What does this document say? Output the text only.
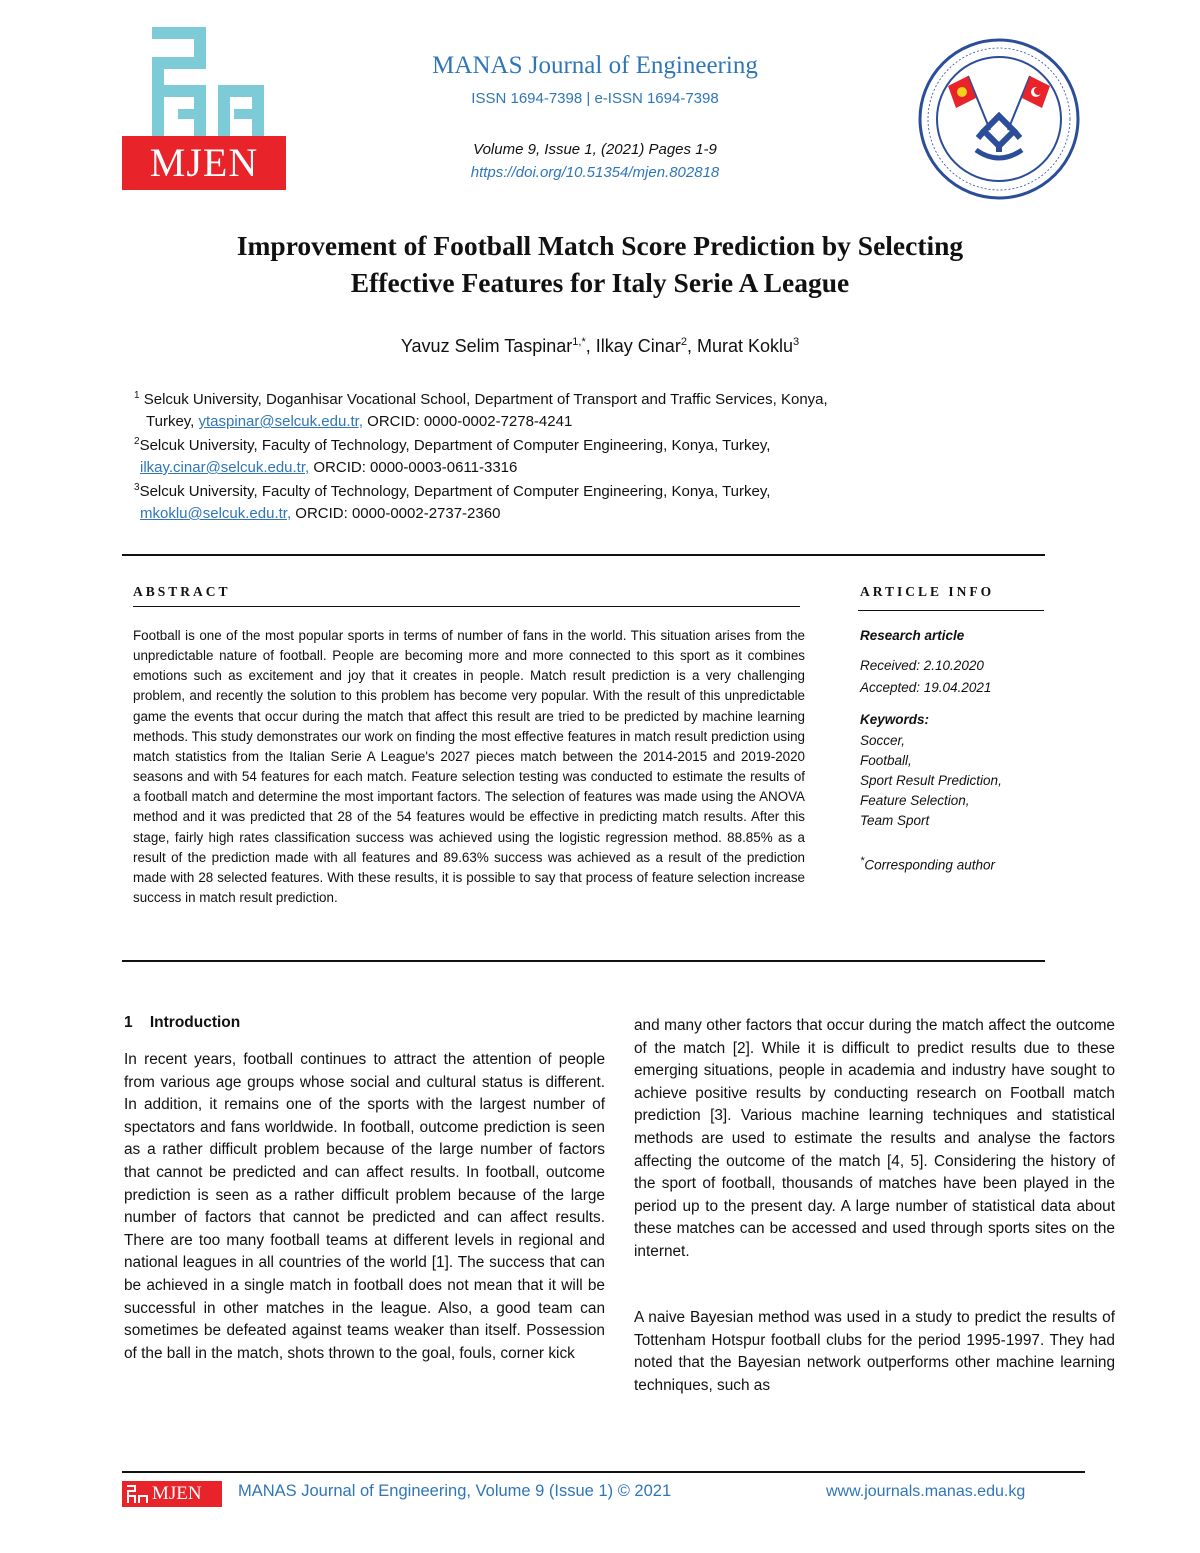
MJEN
MANAS Journal of Engineering
ISSN 1694-7398 | e-ISSN 1694-7398
Volume 9, Issue 1, (2021) Pages 1-9
https://doi.org/10.51354/mjen.802818
Improvement of Football Match Score Prediction by Selecting
Effective Features for Italy Serie A League
Yavuz Selim Taspinar$^{1,*}$, Ilkay Cinar$^2$, Murat Koklu$^3$
$^1$ Selcuk University, Doganhisar Vocational School, Department of Transport and Traffic Services, Konya,
Turkey, ytaspinar@selcuk.edu.tr, ORCID: 0000-0002-7278-4241
$^2$Selcuk University, Faculty of Technology, Department of Computer Engineering, Konya, Turkey,
ilkay.cinar@selcuk.edu.tr, ORCID: 0000-0003-0611-3316
$^3$Selcuk University, Faculty of Technology, Department of Computer Engineering, Konya, Turkey,
mkoklu@selcuk.edu.tr, ORCID: 0000-0002-2737-2360
ABSTRACT	ARTICLE INFO
Football is one of the most popular sports in terms of number of fans in the world. This situation arises from the unpredictable nature of football. People are becoming more and more connected to this sport as it combines emotions such as excitement and joy that it creates in people. Match result prediction is a very challenging problem, and recently the solution to this problem has become very popular. With the result of this unpredictable game the events that occur during the match that affect this result are tried to be predicted by machine learning methods. This study demonstrates our work on finding the most effective features in match result prediction using match statistics from the Italian Serie A League's 2027 pieces match between the 2014-2015 and 2019-2020 seasons and with 54 features for each match. Feature selection testing was conducted to estimate the results of a football match and determine the most important factors. The selection of features was made using the ANOVA method and it was predicted that 28 of the 54 features would be effective in predicting match results. After this stage, fairly high rates classification success was achieved using the logistic regression method. 88.85% as a result of the prediction made with all features and 89.63% success was achieved as a result of the prediction made with 28 selected features. With these results, it is possible to say that process of feature selection increase success in match result prediction.
Research article
Received: 2.10.2020
Accepted: 19.04.2021
Keywords:
Soccer,
Football,
Sport Result Prediction,
Feature Selection,
Team Sport
*Corresponding author
1    Introduction
In recent years, football continues to attract the attention of people from various age groups whose social and cultural status is different. In addition, it remains one of the sports with the largest number of spectators and fans worldwide. In football, outcome prediction is seen as a rather difficult problem because of the large number of factors that cannot be predicted and can affect results. In football, outcome prediction is seen as a rather difficult problem because of the large number of factors that cannot be predicted and can affect results. There are too many football teams at different levels in regional and national leagues in all countries of the world [1]. The success that can be achieved in a single match in football does not mean that it will be successful in other matches in the league. Also, a good team can sometimes be defeated against teams weaker than itself. Possession of the ball in the match, shots thrown to the goal, fouls, corner kick
and many other factors that occur during the match affect the outcome of the match [2]. While it is difficult to predict results due to these emerging situations, people in academia and industry have sought to achieve positive results by conducting research on Football match prediction [3]. Various machine learning techniques and statistical methods are used to estimate the results and analyse the factors affecting the outcome of the match [4, 5]. Considering the history of the sport of football, thousands of matches have been played in the period up to the present day. A large number of statistical data about these matches can be accessed and used through sports sites on the internet.
A naive Bayesian method was used in a study to predict the results of Tottenham Hotspur football clubs for the period 1995-1997. They had noted that the Bayesian network outperforms other machine learning techniques, such as
MJEN MANAS Journal of Engineering, Volume 9 (Issue 1) © 2021	www.journals.manas.edu.kg
